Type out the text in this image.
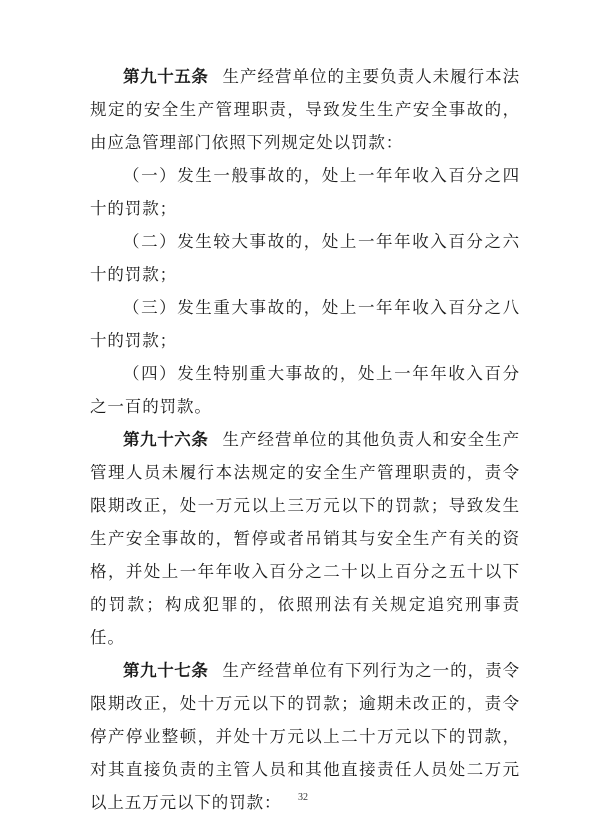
第九十五条 生产经营单位的主要负责人未履行本法规定的安全生产管理职责，导致发生生产安全事故的，由应急管理部门依照下列规定处以罚款：

（一）发生一般事故的，处上一年年收入百分之四十的罚款；

（二）发生较大事故的，处上一年年收入百分之六十的罚款；

（三）发生重大事故的，处上一年年收入百分之八十的罚款；

（四）发生特别重大事故的，处上一年年收入百分之一百的罚款。

第九十六条 生产经营单位的其他负责人和安全生产管理人员未履行本法规定的安全生产管理职责的，责令限期改正，处一万元以上三万元以下的罚款；导致发生生产安全事故的，暂停或者吊销其与安全生产有关的资格，并处上一年年收入百分之二十以上百分之五十以下的罚款；构成犯罪的，依照刑法有关规定追究刑事责任。

第九十七条 生产经营单位有下列行为之一的，责令限期改正，处十万元以下的罚款；逾期未改正的，责令停产停业整顿，并处十万元以上二十万元以下的罚款，对其直接负责的主管人员和其他直接责任人员处二万元以上五万元以下的罚款：	32
